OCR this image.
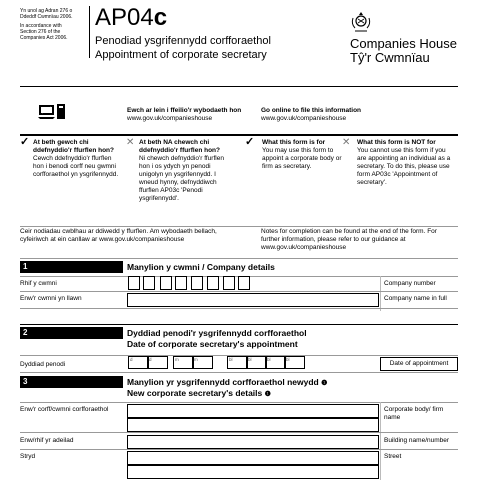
Yn unol ag Adran 276 o
Ddeddf Cwmnïau 2006.
In accordance with
Section 276 of the
Companies Act 2006.
AP04c
Penodiad ysgrifennydd corfforaethol
Appointment of corporate secretary
Companies House
Tŷ'r Cwmnïau
Ewch ar lein i ffeilio'r wybodaeth hon
www.gov.uk/companieshouse
Go online to file this information
www.gov.uk/companieshouse
✓ At beth gewch chi ddefnyddio'r ffurflen hon?
Cewch ddefnyddio'r ffurflen hon i benodi corff neu gwmni corfforaethol yn ysgrifennydd.
✕ At beth NA chewch chi ddefnyddio'r ffurflen hon?
Ni chewch defnyddio'r ffurflen hon i os ydych yn penodi unigolyn yn ysgrifennydd. I wneud hynny, defnyddiwch ffurflen AP03c 'Penodi ysgrifennydd'.
✓ What this form is for
You may use this form to appoint a corporate body or firm as secretary.
✕ What this form is NOT for
You cannot use this form if you are appointing an individual as a secretary. To do this, please use form AP03c 'Appointment of secretary'.
Ceir nodiadau cwblhau ar ddiwedd y ffurflen. Am wybodaeth bellach, cyfeiriwch at ein canllaw ar www.gov.uk/companieshouse
Notes for completion can be found at the end of the form. For further information, please refer to our guidance at www.gov.uk/companieshouse
1	Manylion y cwmni / Company details
Rhif y cwmni	Company number
Enw'r cwmni yn llawn	Company name in full
2	Dyddiad penodi'r ysgrifennydd corfforaethol
Date of corporate secretary's appointment
Dyddiad penodi
d	d	m	m	bl	bl	bl	bl
Date of appointment
3	Manylion yr ysgrifennydd corfforaethol newydd ❶
New corporate secretary's details ❶
Enw'r corff/cwmni corfforaethol	Corporate body/ firm name
Enw/rhif yr adeilad	Building name/number
Stryd	Street
